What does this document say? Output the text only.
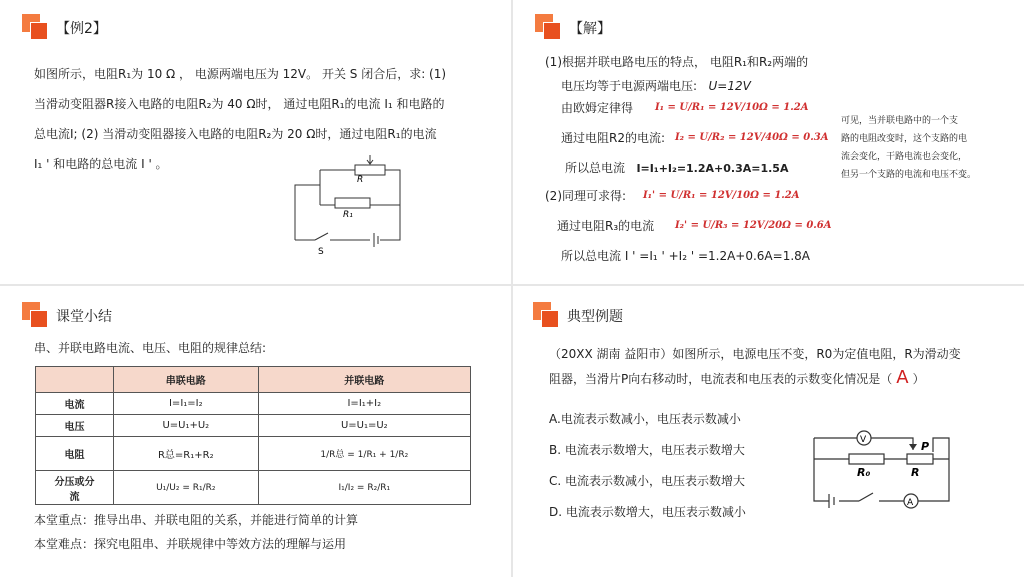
【例2】
如图所示，电阻R₁为 10 Ω ， 电源两端电压为 12V。 开关 S 闭合后，求: (1)
当滑动变阻器R接入电路的电阻R₂为 40 Ω时， 通过电阻R₁的电流 I₁ 和电路的
总电流I; (2) 当滑动变阻器接入电路的电阻R₂为 20 Ω时，通过电阻R₁的电流
I₁ ' 和电路的总电流 I ' 。
R
R₁
S
【解】
(1)根据并联电路电压的特点， 电阻R₁和R₂两端的
电压均等于电源两端电压: U=12V
由欧姆定律得 I₁ = U/R₁ = 12V/10Ω = 1.2A
通过电阻R2的电流: I₂ = U/R₂ = 12V/40Ω = 0.3A
所以总电流 I=I₁+I₂=1.2A+0.3A=1.5A
(2)同理可求得: I₁' = U/R₁ = 12V/10Ω = 1.2A
通过电阻R₃的电流 I₂' = U/R₃ = 12V/20Ω = 0.6A
所以总电流 I ' =I₁ ' +I₂ ' =1.2A+0.6A=1.8A
可见，当并联电路中的一个支
路的电阻改变时，这个支路的电
流会变化，干路电流也会变化，
但另一个支路的电流和电压不变。
课堂小结
串、并联电路电流、电压、电阻的规律总结:
	串联电路	并联电路
电流	I=I₁=I₂	I=I₁+I₂
电压	U=U₁+U₂	U=U₁=U₂
电阻	R总=R₁+R₂	1/R总 = 1/R₁ + 1/R₂
分压或分流	U₁/U₂ = R₁/R₂	I₁/I₂ = R₂/R₁
本堂重点：推导出串、并联电阻的关系，并能进行简单的计算
本堂难点：探究电阻串、并联规律中等效方法的理解与运用
典型例题
（20XX 湖南 益阳市）如图所示，电源电压不变，R0为定值电阻，R为滑动变
阻器，当滑片P向右移动时，电流表和电压表的示数变化情况是（ A ）
A.电流表示数减小，电压表示数减小
B. 电流表示数增大，电压表示数增大
C. 电流表示数减小，电压表示数增大
D. 电流表示数增大，电压表示数减小
V
A
R₀	R
P
